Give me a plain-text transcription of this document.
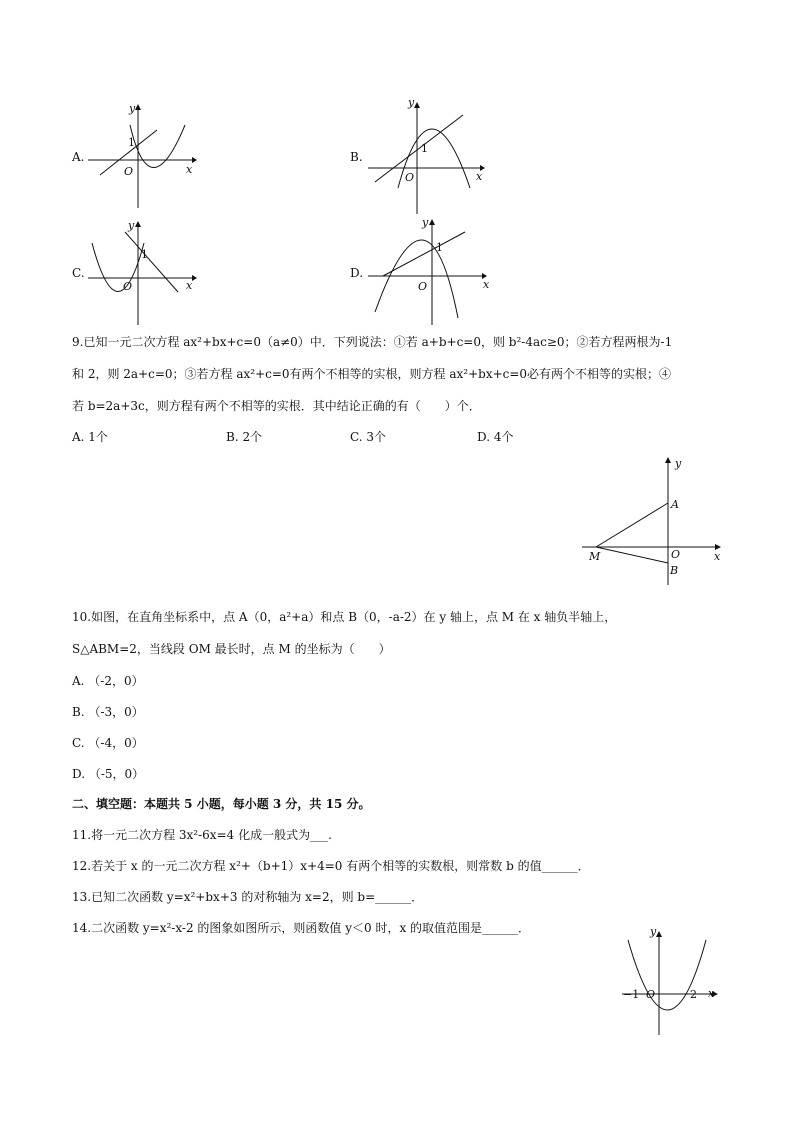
A.
y
x
O
1
B.
y
x
O
1
C.
y
x
O
1
D.
y
x
O
1
9.已知一元二次方程 ax²+bx+c=0（a≠0）中．下列说法：①若 a+b+c=0，则 b²-4ac≥0；②若方程两根为-1
和 2，则 2a+c=0；③若方程 ax²+c=0有两个不相等的实根，则方程 ax²+bx+c=0必有两个不相等的实根；④
若 b=2a+3c，则方程有两个不相等的实根．其中结论正确的有（　　）个．
A. 1个	B. 2个	C. 3个	D. 4个
y
x
A
O
B
M
10.如图，在直角坐标系中，点 A（0，a²+a）和点 B（0，-a-2）在 y 轴上，点 M 在 x 轴负半轴上，
S△ABM=2，当线段 OM 最长时，点 M 的坐标为（　　）
A. （-2，0）
B. （-3，0）
C. （-4，0）
D. （-5，0）
二、填空题：本题共 5 小题，每小题 3 分，共 15 分。
11.将一元二次方程 3x²-6x=4 化成一般式为___.
12.若关于 x 的一元二次方程 x²+（b+1）x+4=0 有两个相等的实数根，则常数 b 的值______．
13.已知二次函数 y=x²+bx+3 的对称轴为 x=2，则 b=______．
14.二次函数 y=x²-x-2 的图象如图所示，则函数值 y＜0 时，x 的取值范围是______．	y
x
−1 O	2
